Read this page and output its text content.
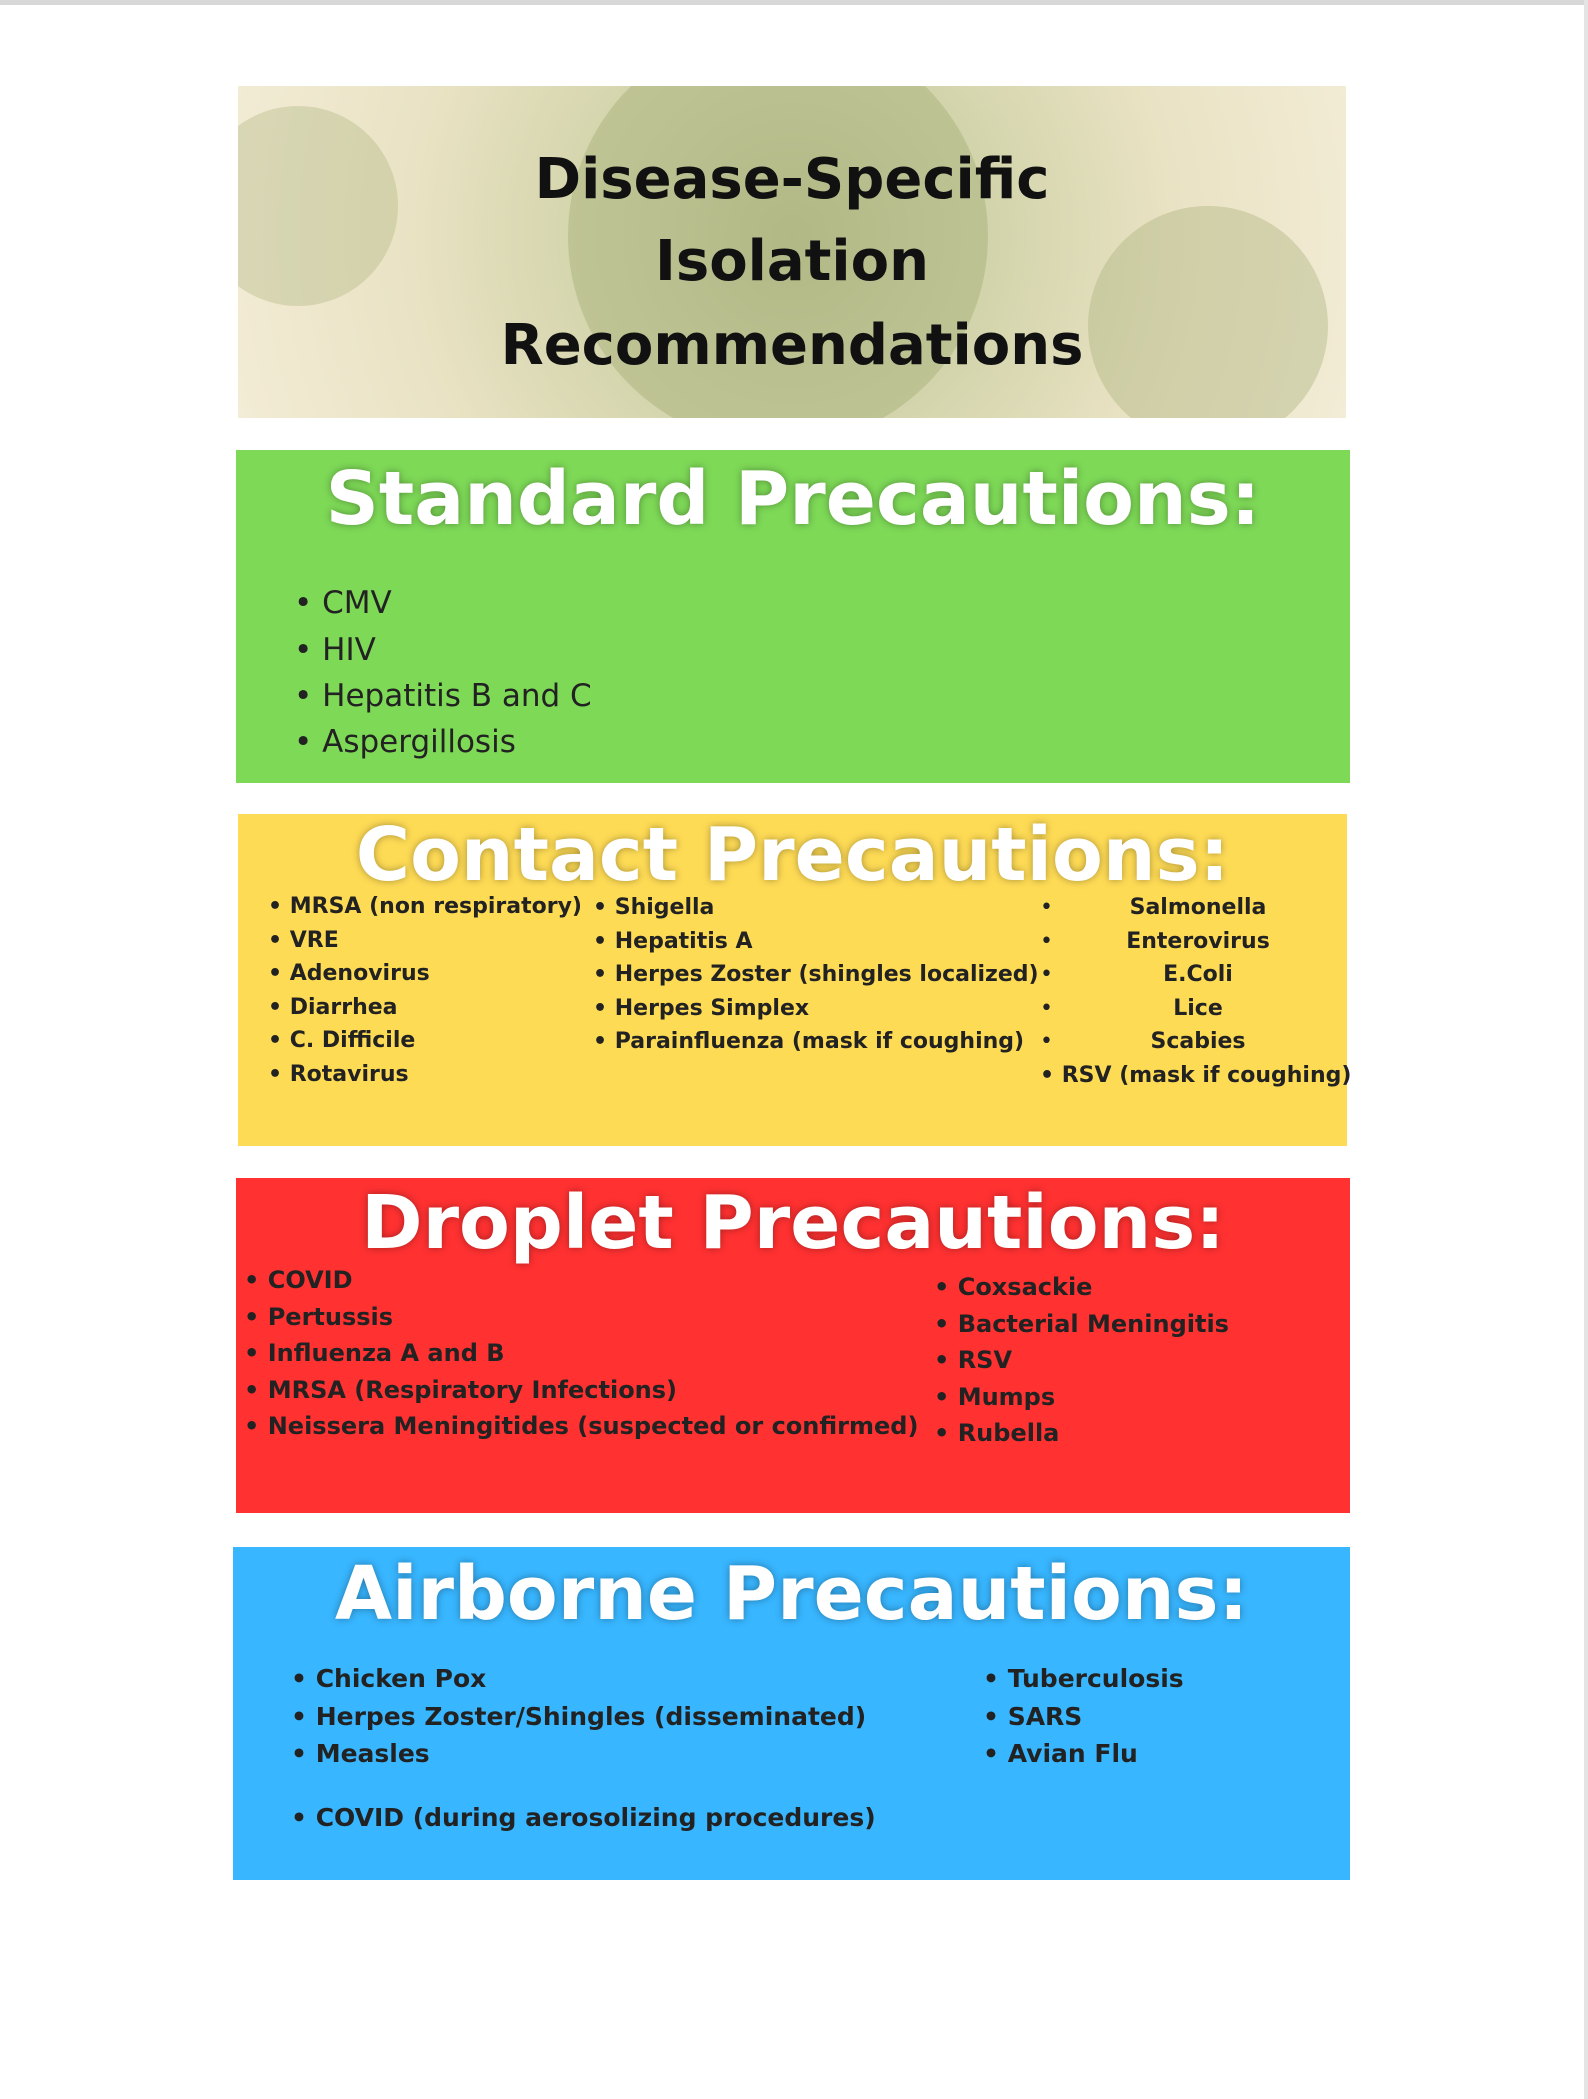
Disease-Specific
Isolation
Recommendations
Standard Precautions:
• CMV
• HIV
• Hepatitis B and C
• Aspergillosis
Contact Precautions:
• MRSA (non respiratory)
• VRE
• Adenovirus
• Diarrhea
• C. Difficile
• Rotavirus
• Shigella
• Hepatitis A
• Herpes Zoster (shingles localized)
• Herpes Simplex
• Parainfluenza (mask if coughing)
•	Salmonella
•	Enterovirus
•	E.Coli
•	Lice
•	Scabies
• RSV (mask if coughing)
Droplet Precautions:
• COVID
• Pertussis
• Influenza A and B
• MRSA (Respiratory Infections)
• Neissera Meningitides (suspected or confirmed)
• Coxsackie
• Bacterial Meningitis
• RSV
• Mumps
• Rubella
Airborne Precautions:
• Chicken Pox
• Herpes Zoster/Shingles (disseminated)
• Measles
• COVID (during aerosolizing procedures)
• Tuberculosis
• SARS
• Avian Flu
